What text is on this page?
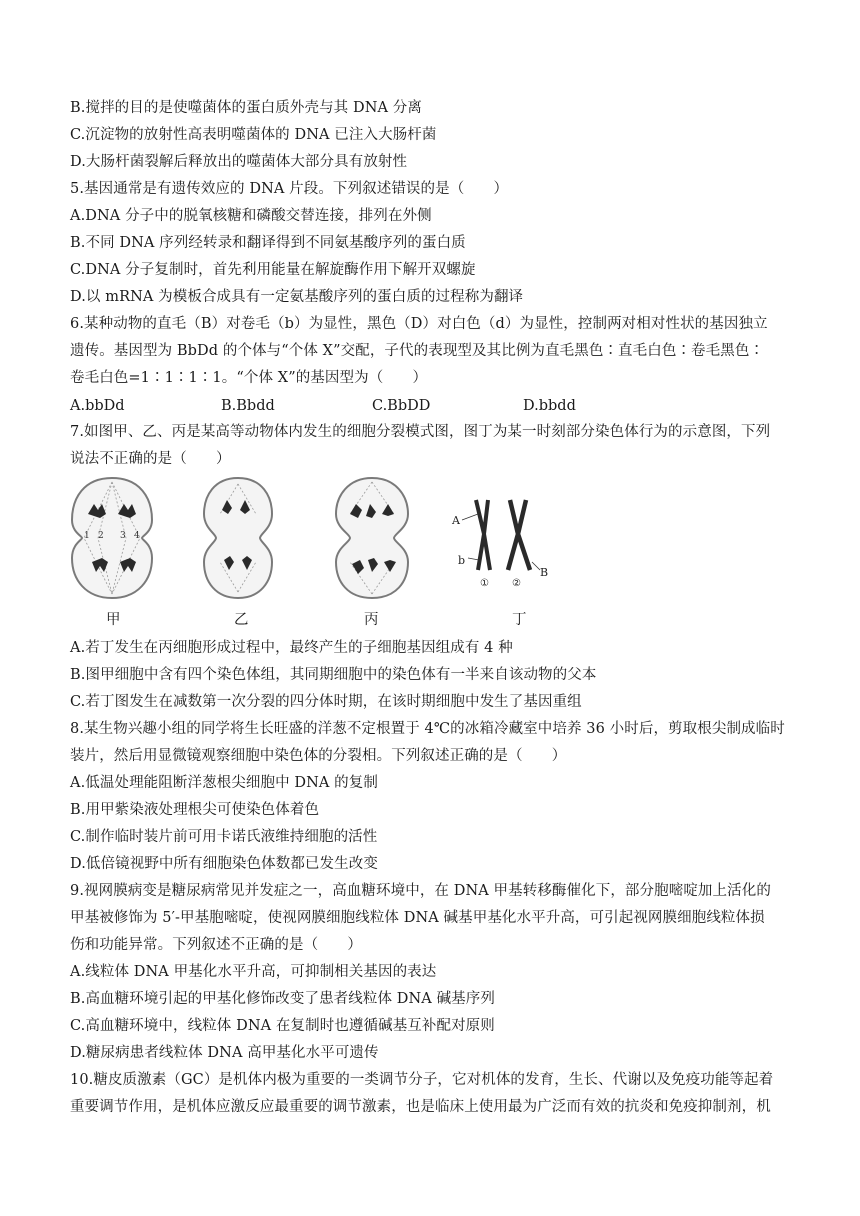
B.搅拌的目的是使噬菌体的蛋白质外壳与其 DNA 分离
C.沉淀物的放射性高表明噬菌体的 DNA 已注入大肠杆菌
D.大肠杆菌裂解后释放出的噬菌体大部分具有放射性
5.基因通常是有遗传效应的 DNA 片段。下列叙述错误的是（　　）
A.DNA 分子中的脱氧核糖和磷酸交替连接，排列在外侧
B.不同 DNA 序列经转录和翻译得到不同氨基酸序列的蛋白质
C.DNA 分子复制时，首先利用能量在解旋酶作用下解开双螺旋
D.以 mRNA 为模板合成具有一定氨基酸序列的蛋白质的过程称为翻译
6.某种动物的直毛（B）对卷毛（b）为显性，黑色（D）对白色（d）为显性，控制两对相对性状的基因独立
遗传。基因型为 BbDd 的个体与“个体 X”交配，子代的表现型及其比例为直毛黑色∶直毛白色∶卷毛黑色∶
卷毛白色=1∶1∶1∶1。“个体 X”的基因型为（　　）
A.bbDd	B.Bbdd	C.BbDD	D.bbdd
7.如图甲、乙、丙是某高等动物体内发生的细胞分裂模式图，图丁为某一时刻部分染色体行为的示意图，下列
说法不正确的是（　　）
1 2 3 4
A
b
B
① ②
甲	乙	丙	丁
A.若丁发生在丙细胞形成过程中，最终产生的子细胞基因组成有 4 种
B.图甲细胞中含有四个染色体组，其同期细胞中的染色体有一半来自该动物的父本
C.若丁图发生在减数第一次分裂的四分体时期，在该时期细胞中发生了基因重组
8.某生物兴趣小组的同学将生长旺盛的洋葱不定根置于 4℃的冰箱冷藏室中培养 36 小时后，剪取根尖制成临时
装片，然后用显微镜观察细胞中染色体的分裂相。下列叙述正确的是（　　）
A.低温处理能阻断洋葱根尖细胞中 DNA 的复制
B.用甲紫染液处理根尖可使染色体着色
C.制作临时装片前可用卡诺氏液维持细胞的活性
D.低倍镜视野中所有细胞染色体数都已发生改变
9.视网膜病变是糖尿病常见并发症之一，高血糖环境中，在 DNA 甲基转移酶催化下，部分胞嘧啶加上活化的
甲基被修饰为 5′-甲基胞嘧啶，使视网膜细胞线粒体 DNA 碱基甲基化水平升高，可引起视网膜细胞线粒体损
伤和功能异常。下列叙述不正确的是（　　）
A.线粒体 DNA 甲基化水平升高，可抑制相关基因的表达
B.高血糖环境引起的甲基化修饰改变了患者线粒体 DNA 碱基序列
C.高血糖环境中，线粒体 DNA 在复制时也遵循碱基互补配对原则
D.糖尿病患者线粒体 DNA 高甲基化水平可遗传
10.糖皮质激素（GC）是机体内极为重要的一类调节分子，它对机体的发育，生长、代谢以及免疫功能等起着
重要调节作用，是机体应激反应最重要的调节激素，也是临床上使用最为广泛而有效的抗炎和免疫抑制剂，机
